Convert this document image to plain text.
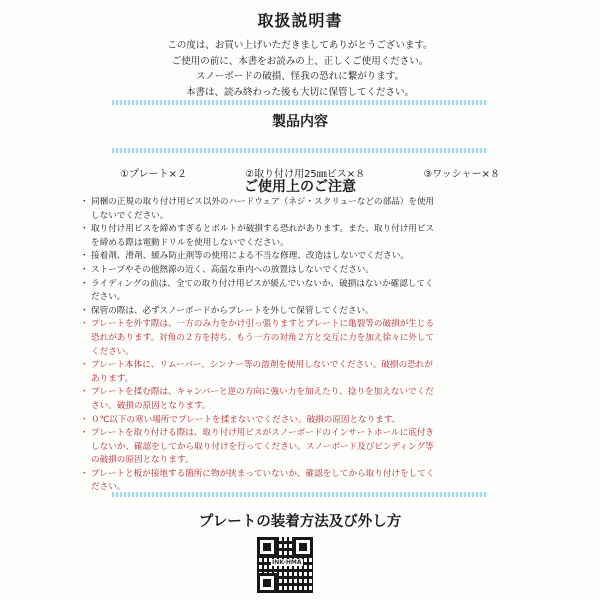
取扱説明書
この度は、お買い上げいただきましてありがとうございます。
ご使用の前に、本書をお読みの上、正しくご使用ください。
スノーボードの破損、怪我の恐れに繋がります。
本書は、読み終わった後も大切に保管してください。
製品内容
①プレート×２	②取り付け用25㎜ビス×８	③ワッシャー×８
ご使用上のご注意
・ 同梱の正規の取り付け用ビス以外のハードウェア（ネジ・スクリューなどの部品）を使用
しないでください。
・ 取り付け用ビスを締めすぎるとボルトが破損する恐れがあります。また、取り付け用ビス
を締める際は電動ドリルを使用しないでください。
・ 接着剤、滑剤、緩み防止剤等の使用による不当な修理、改造はしないでください。
・ ストーブやその他熱源の近く、高温な車内への放置はしないでください。
・ ライディングの前は、全ての取り付け用ビスが緩んでいないか、破損はないか確認してく
ださい。
・ 保管の際は、必ずスノーボードからプレートを外して保管してください。
・ プレートを外す際は、一方のみ力をかけ引っ張りますとプレートに亀裂等の破損が生じる
恐れがあります。対角の２方を持ち、もう一方の対角２方と交互に力を加え徐々に外して
ください。
・ プレート本体に、リムーバー、シンナー等の溶剤を使用しないでください。破損の恐れが
あります。
・ プレートを揉む際は、キャンバーと逆の方向に強い力を加えたり、捻りを加えないでくだ
さい。破損の原因となります。
・ ０℃以下の寒い場所でプレートを揉まないでください。破損の原因となります。
・ プレートを取り付ける際は、取り付け用ビスがスノーボードのインサートホールに底付き
しないか、確認をしてから取り付けを行ってください。スノーボード及びビンディング等
の破損の原因となります。
・ プレートと板が接地する箇所に物が挟まっていないか、確認をしてから取り付けをしてく
ださい。
プレートの装着方法及び外し方
INK-HMA
